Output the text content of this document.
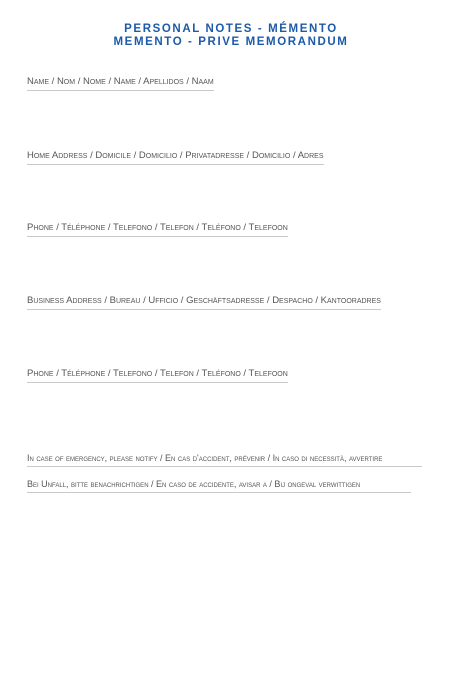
PERSONAL NOTES - MÉMENTO
MEMENTO - PRIVE MEMORANDUM
Name / Nom / Nome / Name / Apellidos / Naam
Home Address / Domicile / Domicilio / Privatadresse / Domicilio / Adres
Phone / Téléphone / Telefono / Telefon / Teléfono / Telefoon
Business Address / Bureau / Ufficio / Geschäftsadresse / Despacho / Kantooradres
Phone / Téléphone / Telefono / Telefon / Teléfono / Telefoon
In case of emergency, please notify / En cas d'accident, prévenir / In caso di necessità, avvertire
Bei Unfall, bitte benachrichtigen / En caso de accidente, avisar a / Bij ongeval verwittigen
